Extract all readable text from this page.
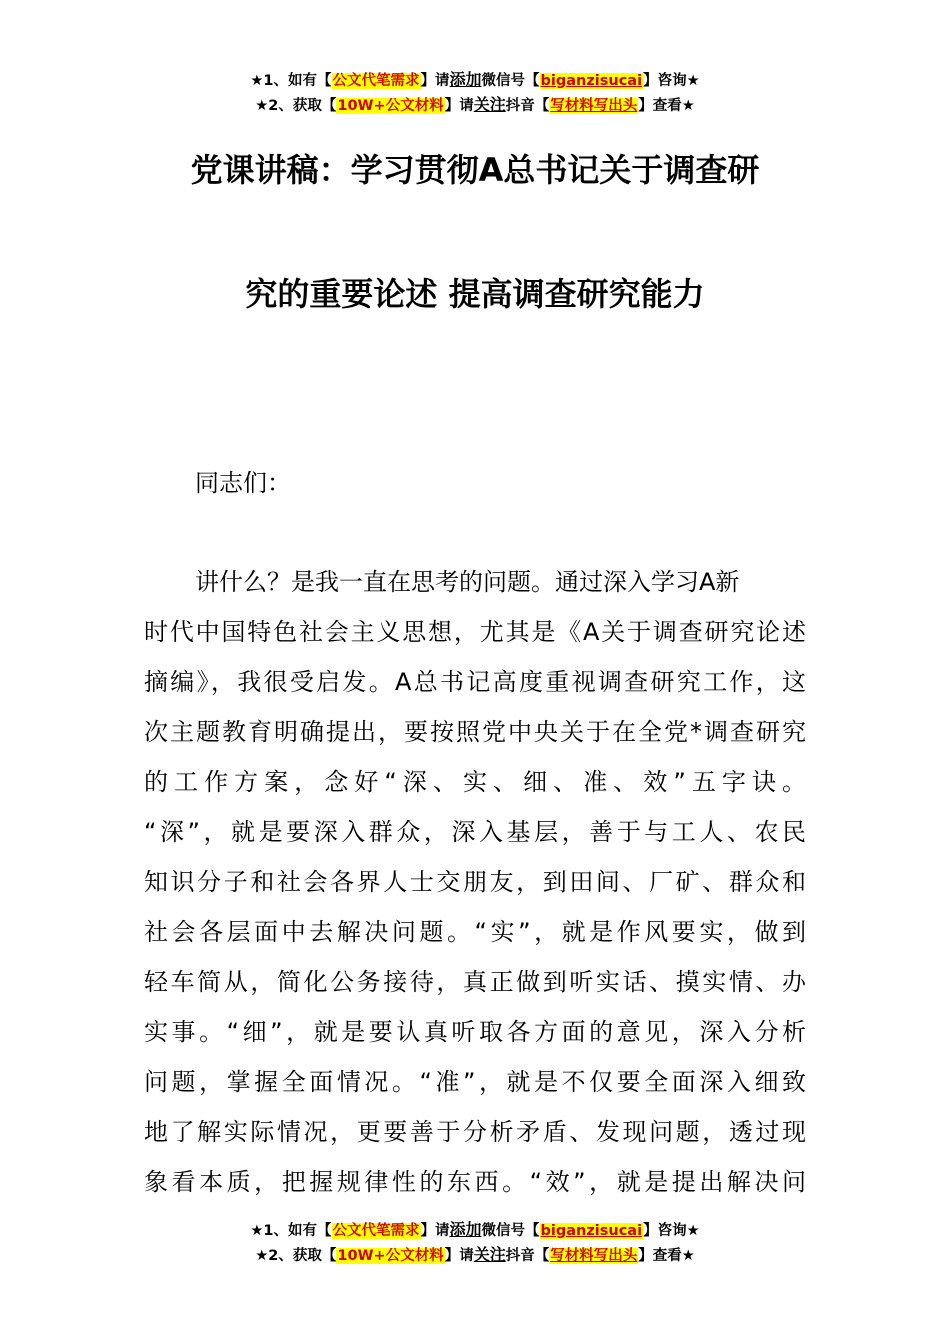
★1、如有【公文代笔需求】请添加微信号【biganzisucai】咨询★
★2、获取【10W+公文材料】请关注抖音【写材料写出头】查看★
党课讲稿：学习贯彻A总书记关于调查研
究的重要论述 提高调查研究能力
同志们：
讲什么？是我一直在思考的问题。通过深入学习A新
时代中国特色社会主义思想，尤其是《A关于调查研究论述
摘编》，我很受启发。A总书记高度重视调查研究工作，这
次主题教育明确提出，要按照党中央关于在全党*调查研究
的工作方案，念好“深、实、细、准、效”五字诀。
“深”，就是要深入群众，深入基层，善于与工人、农民
知识分子和社会各界人士交朋友，到田间、厂矿、群众和
社会各层面中去解决问题。“实”，就是作风要实，做到
轻车简从，简化公务接待，真正做到听实话、摸实情、办
实事。“细”，就是要认真听取各方面的意见，深入分析
问题，掌握全面情况。“准”，就是不仅要全面深入细致
地了解实际情况，更要善于分析矛盾、发现问题，透过现
象看本质，把握规律性的东西。“效”，就是提出解决问
★1、如有【公文代笔需求】请添加微信号【biganzisucai】咨询★
★2、获取【10W+公文材料】请关注抖音【写材料写出头】查看★
